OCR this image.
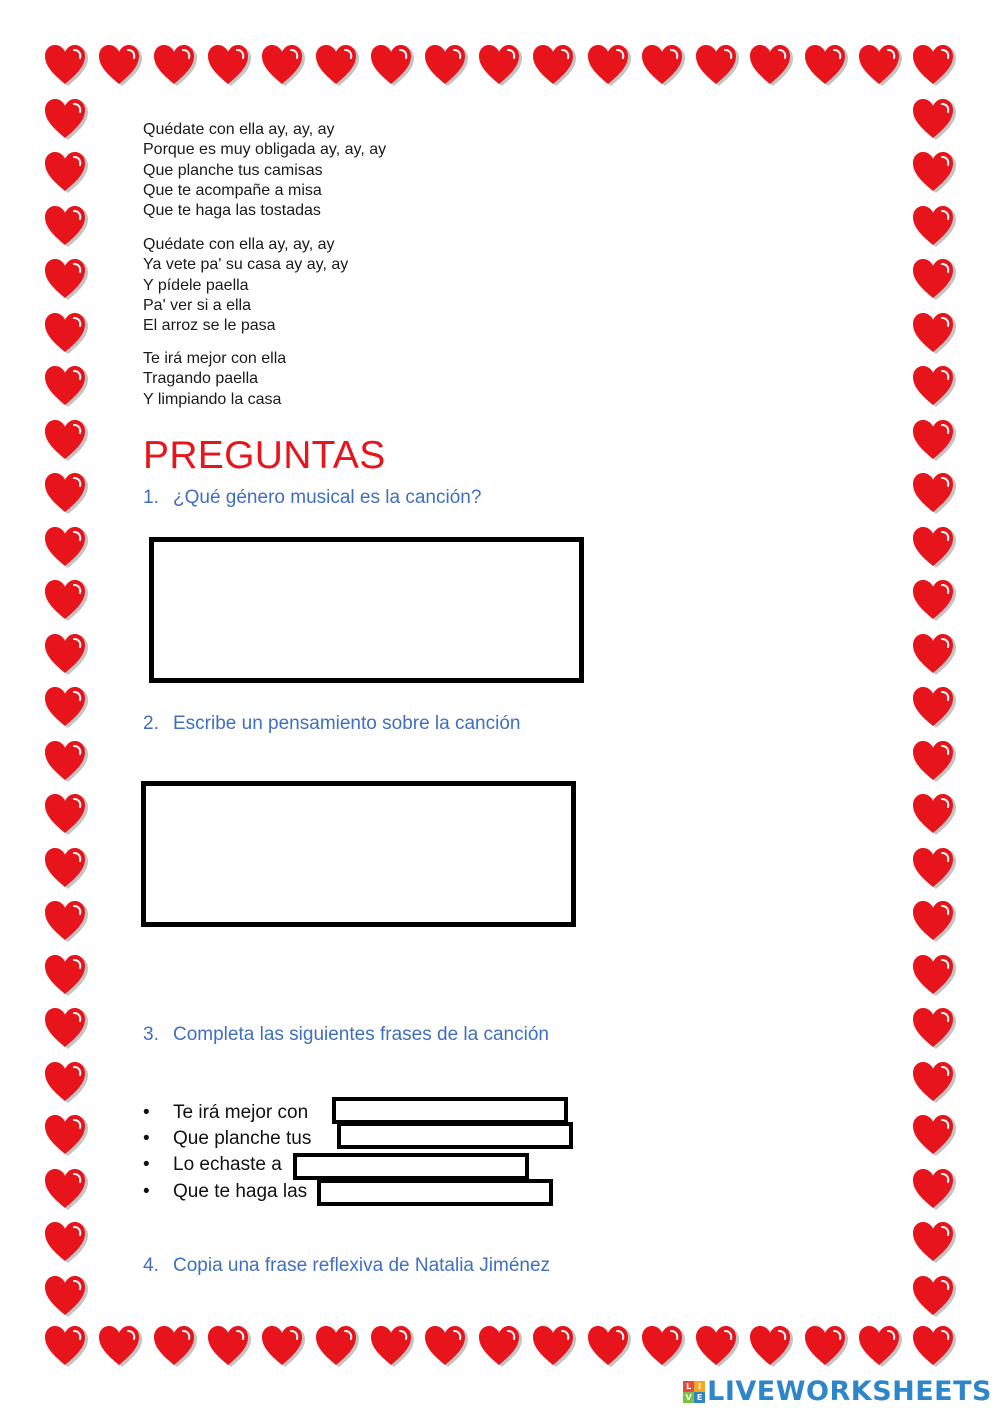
Quédate con ella ay, ay, ay
Porque es muy obligada ay, ay, ay
Que planche tus camisas
Que te acompañe a misa
Que te haga las tostadas
Quédate con ella ay, ay, ay
Ya vete pa' su casa ay ay, ay
Y pídele paella
Pa' ver si a ella
El arroz se le pasa
Te irá mejor con ella
Tragando paella
Y limpiando la casa
PREGUNTAS
1. ¿Qué género musical es la canción?
2. Escribe un pensamiento sobre la canción
3. Completa las siguientes frases de la canción
• Te irá mejor con
• Que planche tus
• Lo echaste a
• Que te haga las
4. Copia una frase reflexiva de Natalia Jiménez
L I
V E LIVEWORKSHEETS
